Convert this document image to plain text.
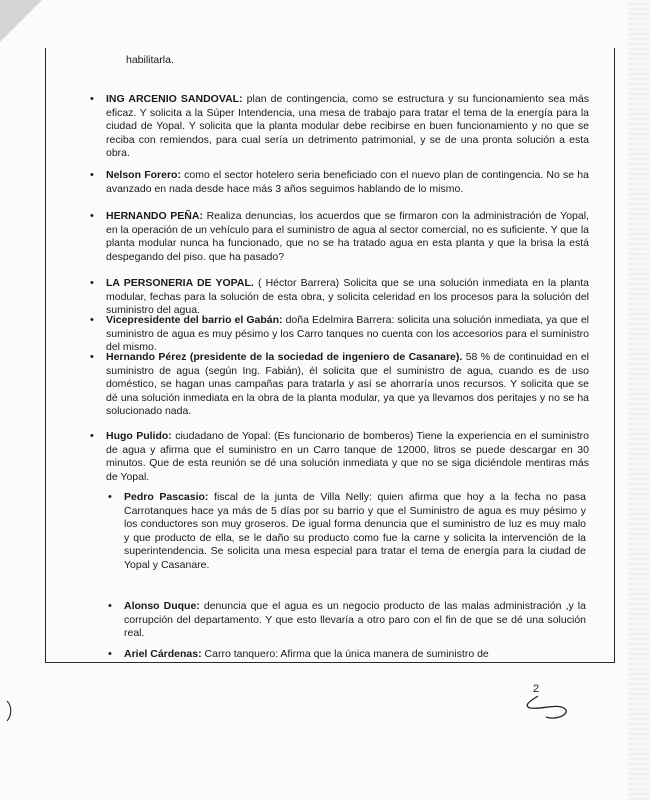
habilitarla.
• ING ARCENIO SANDOVAL: plan de contingencia, como se estructura y su funcionamiento sea más eficaz. Y solicita a la Súper Intendencia, una mesa de trabajo para tratar el tema de la energía para la ciudad de Yopal. Y solicita que la planta modular debe recibirse en buen funcionamiento y no que se reciba con remiendos, para cual sería un detrimento patrimonial, y se de una pronta solución a esta obra.
• Nelson Forero: como el sector hotelero seria beneficiado con el nuevo plan de contingencia. No se ha avanzado en nada desde hace más 3 años seguimos hablando de lo mismo.
• HERNANDO PEÑA: Realiza denuncias, los acuerdos que se firmaron con la administración de Yopal, en la operación de un vehículo para el suministro de agua al sector comercial, no es suficiente. Y que la planta modular nunca ha funcionado, que no se ha tratado agua en esta planta y que la brisa la está despegando del piso. que ha pasado?
• LA PERSONERIA DE YOPAL. ( Héctor Barrera) Solicita que se una solución inmediata en la planta modular, fechas para la solución de esta obra, y solicita celeridad en los procesos para la solución del suministro del agua.
• Vicepresidente del barrio el Gabán: doña Edelmira Barrera: solicita una solución inmediata, ya que el suministro de agua es muy pésimo y los Carro tanques no cuenta con los accesorios para el suministro del mismo.
• Hernando Pérez (presidente de la sociedad de ingeniero de Casanare). 58 % de continuidad en el suministro de agua (según Ing. Fabián), él solicita que el suministro de agua, cuando es de uso doméstico, se hagan unas campañas para tratarla y así se ahorraría unos recursos. Y solicita que se dé una solución inmediata en la obra de la planta modular, ya que ya llevamos dos peritajes y no se ha solucionado nada.
• Hugo Pulido: ciudadano de Yopal: (Es funcionario de bomberos) Tiene la experiencia en el suministro de agua y afirma que el suministro en un Carro tanque de 12000, litros se puede descargar en 30 minutos. Que de esta reunión se dé una solución inmediata y que no se siga diciéndole mentiras más de Yopal.
• Pedro Pascasio: fiscal de la junta de Villa Nelly: quien afirma que hoy a la fecha no pasa Carrotanques hace ya más de 5 días por su barrio y que el Suministro de agua es muy pésimo y los conductores son muy groseros. De igual forma denuncia que el suministro de luz es muy malo y que producto de ella, se le daño su producto como fue la carne y solicita la intervención de la superintendencia. Se solicita una mesa especial para tratar el tema de energía para la ciudad de Yopal y Casanare.
• Alonso Duque: denuncia que el agua es un negocio producto de las malas administración ,y la corrupción del departamento. Y que esto llevaría a otro paro con el fin de que se dé una solución real.
• Ariel Cárdenas: Carro tanquero: Afirma que la única manera de suministro de
2
